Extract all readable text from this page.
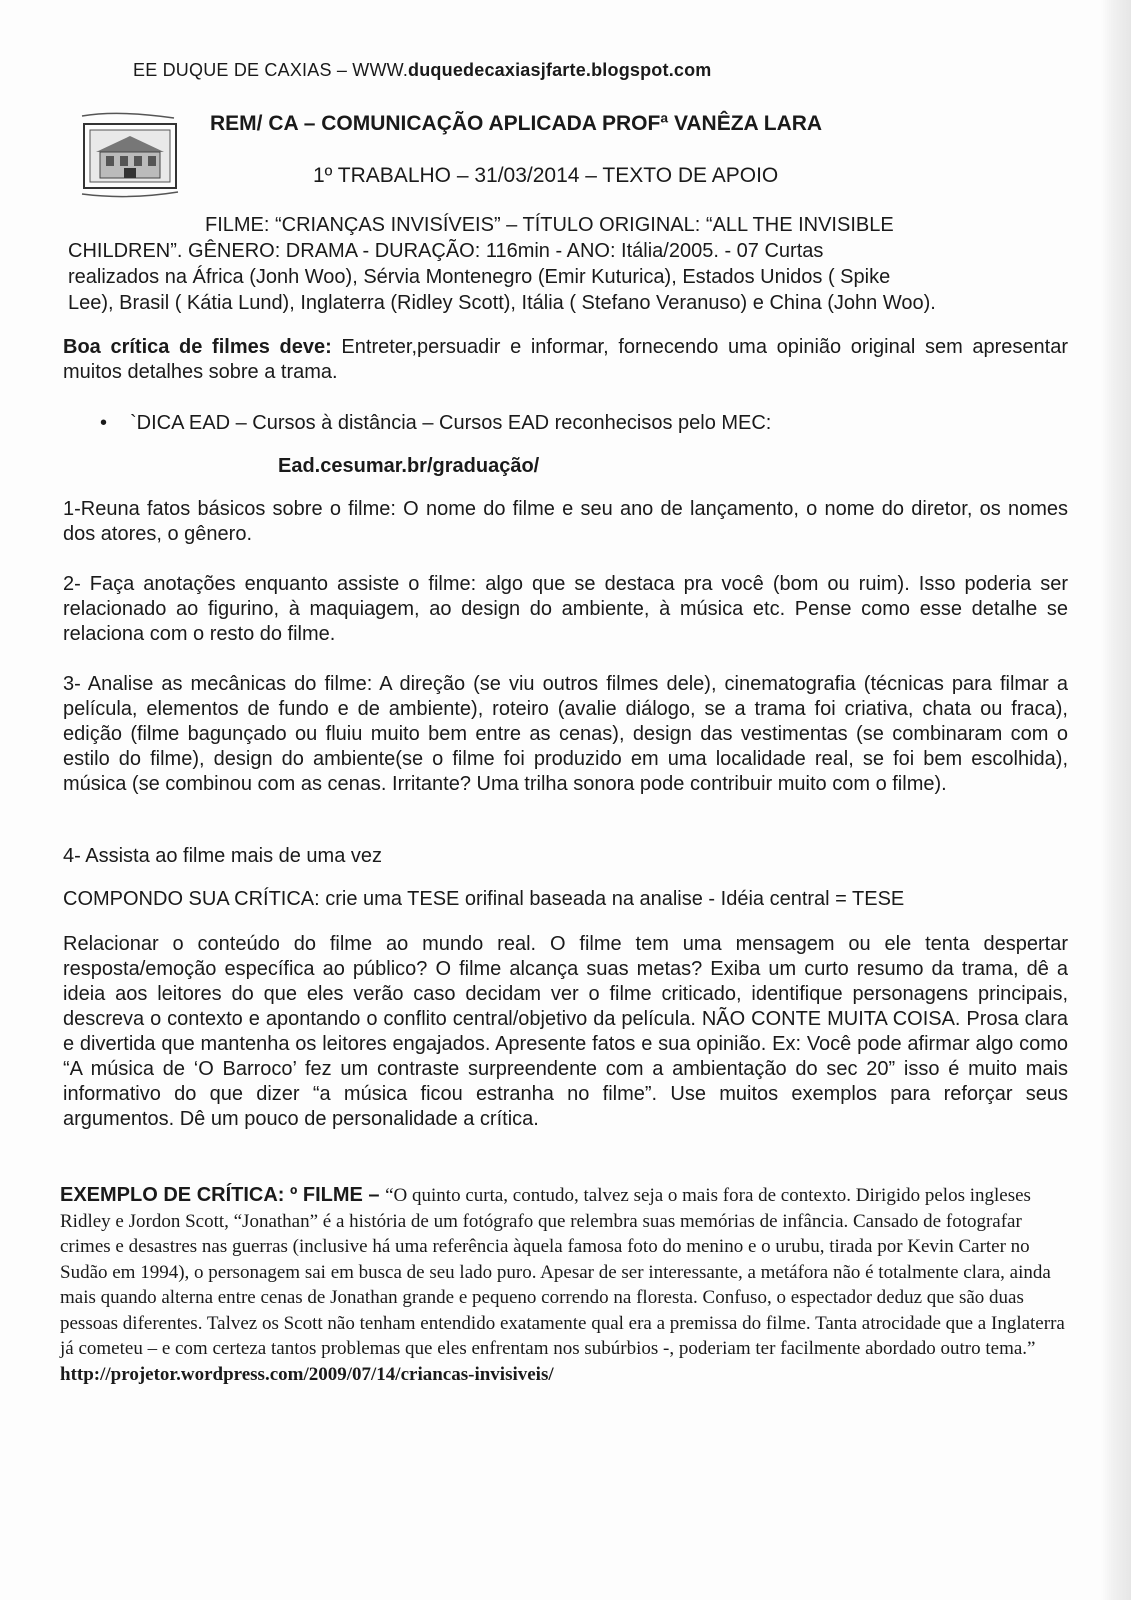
EE DUQUE DE CAXIAS – WWW.duquedecaxiasjfarte.blogspot.com
REM/ CA – COMUNICAÇÃO APLICADA PROFª VANÊZA LARA
1º TRABALHO – 31/03/2014 – TEXTO DE APOIO
FILME: “CRIANÇAS INVISÍVEIS” – TÍTULO ORIGINAL: “ALL THE INVISIBLE
CHILDREN”. GÊNERO: DRAMA - DURAÇÃO: 116min - ANO: Itália/2005. - 07 Curtas
realizados na África (Jonh Woo), Sérvia Montenegro (Emir Kuturica), Estados Unidos ( Spike
Lee), Brasil ( Kátia Lund), Inglaterra (Ridley Scott), Itália ( Stefano Veranuso) e China (John Woo).
Boa crítica de filmes deve: Entreter,persuadir e informar, fornecendo uma opinião original sem apresentar muitos detalhes sobre a trama.
• `DICA EAD – Cursos à distância – Cursos EAD reconhecisos pelo MEC:
Ead.cesumar.br/graduação/
1-Reuna fatos básicos sobre o filme: O nome do filme e seu ano de lançamento, o nome do diretor, os nomes dos atores, o gênero.
2- Faça anotações enquanto assiste o filme: algo que se destaca pra você (bom ou ruim). Isso poderia ser relacionado ao figurino, à maquiagem, ao design do ambiente, à música etc. Pense como esse detalhe se relaciona com o resto do filme.
3- Analise as mecânicas do filme: A direção (se viu outros filmes dele), cinematografia (técnicas para filmar a película, elementos de fundo e de ambiente), roteiro (avalie diálogo, se a trama foi criativa, chata ou fraca), edição (filme bagunçado ou fluiu muito bem entre as cenas), design das vestimentas (se combinaram com o estilo do filme), design do ambiente(se o filme foi produzido em uma localidade real, se foi bem escolhida), música (se combinou com as cenas. Irritante? Uma trilha sonora pode contribuir muito com o filme).
4- Assista ao filme mais de uma vez
COMPONDO SUA CRÍTICA: crie uma TESE orifinal baseada na analise - Idéia central = TESE
Relacionar o conteúdo do filme ao mundo real. O filme tem uma mensagem ou ele tenta despertar resposta/emoção específica ao público? O filme alcança suas metas? Exiba um curto resumo da trama, dê a ideia aos leitores do que eles verão caso decidam ver o filme criticado, identifique personagens principais, descreva o contexto e apontando o conflito central/objetivo da película. NÃO CONTE MUITA COISA. Prosa clara e divertida que mantenha os leitores engajados. Apresente fatos e sua opinião. Ex: Você pode afirmar algo como “A música de ‘O Barroco’ fez um contraste surpreendente com a ambientação do sec 20” isso é muito mais informativo do que dizer “a música ficou estranha no filme”. Use muitos exemplos para reforçar seus argumentos. Dê um pouco de personalidade a crítica.
EXEMPLO DE CRÍTICA: º FILME – “O quinto curta, contudo, talvez seja o mais fora de contexto. Dirigido pelos ingleses Ridley e Jordon Scott, “Jonathan” é a história de um fotógrafo que relembra suas memórias de infância. Cansado de fotografar crimes e desastres nas guerras (inclusive há uma referência àquela famosa foto do menino e o urubu, tirada por Kevin Carter no Sudão em 1994), o personagem sai em busca de seu lado puro. Apesar de ser interessante, a metáfora não é totalmente clara, ainda mais quando alterna entre cenas de Jonathan grande e pequeno correndo na floresta. Confuso, o espectador deduz que são duas pessoas diferentes. Talvez os Scott não tenham entendido exatamente qual era a premissa do filme. Tanta atrocidade que a Inglaterra já cometeu – e com certeza tantos problemas que eles enfrentam nos subúrbios -, poderiam ter facilmente abordado outro tema.”
http://projetor.wordpress.com/2009/07/14/criancas-invisiveis/
